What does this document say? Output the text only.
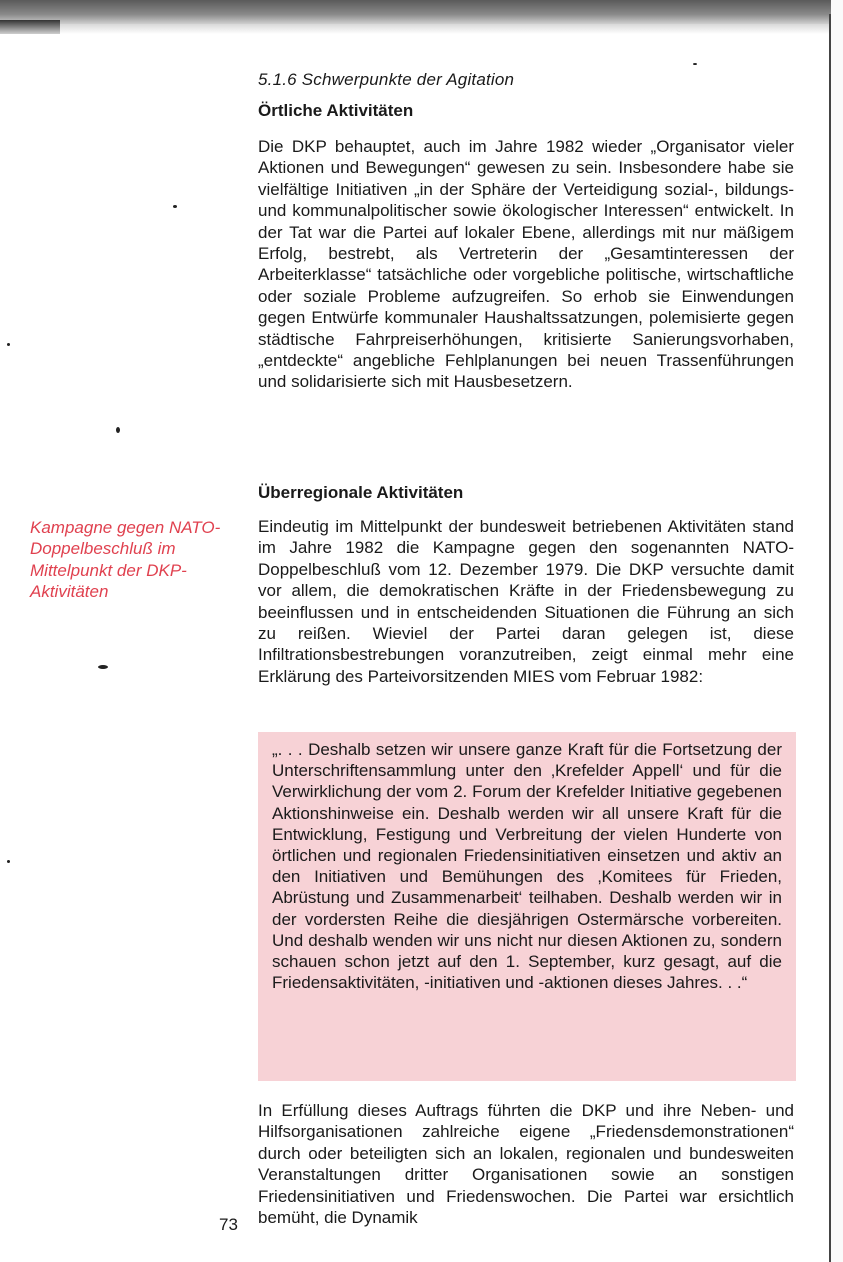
5.1.6 Schwerpunkte der Agitation
Örtliche Aktivitäten
Die DKP behauptet, auch im Jahre 1982 wieder „Organisator vieler Aktionen und Bewegungen“ gewesen zu sein. Insbesondere habe sie vielfältige Initiativen „in der Sphäre der Verteidigung sozial-, bildungs- und kommunalpolitischer sowie ökologischer Interessen“ entwickelt. In der Tat war die Partei auf lokaler Ebene, allerdings mit nur mäßigem Erfolg, bestrebt, als Vertreterin der „Gesamtinteressen der Arbeiterklasse“ tatsächliche oder vorgebliche politische, wirtschaftliche oder soziale Probleme aufzugreifen. So erhob sie Einwendungen gegen Entwürfe kommunaler Haushaltssatzungen, polemisierte gegen städtische Fahrpreiserhöhungen, kritisierte Sanierungsvorhaben, „entdeckte“ angebliche Fehlplanungen bei neuen Trassenführungen und solidarisierte sich mit Hausbesetzern.
Überregionale Aktivitäten
Eindeutig im Mittelpunkt der bundesweit betriebenen Aktivitäten stand im Jahre 1982 die Kampagne gegen den sogenannten NATO-Doppelbeschluß vom 12. Dezember 1979. Die DKP versuchte damit vor allem, die demokratischen Kräfte in der Friedensbewegung zu beeinflussen und in entscheidenden Situationen die Führung an sich zu reißen. Wieviel der Partei daran gelegen ist, diese Infiltrationsbestrebungen voranzutreiben, zeigt einmal mehr eine Erklärung des Parteivorsitzenden MIES vom Februar 1982:
Kampagne gegen NATO-Doppelbeschluß im Mittelpunkt der DKP-Aktivitäten
„. . . Deshalb setzen wir unsere ganze Kraft für die Fortsetzung der Unterschriftensammlung unter den ‚Krefelder Appell‘ und für die Verwirklichung der vom 2. Forum der Krefelder Initiative gegebenen Aktionshinweise ein. Deshalb werden wir all unsere Kraft für die Entwicklung, Festigung und Verbreitung der vielen Hunderte von örtlichen und regionalen Friedensinitiativen einsetzen und aktiv an den Initiativen und Bemühungen des ‚Komitees für Frieden, Abrüstung und Zusammenarbeit‘ teilhaben. Deshalb werden wir in der vordersten Reihe die diesjährigen Ostermärsche vorbereiten. Und deshalb wenden wir uns nicht nur diesen Aktionen zu, sondern schauen schon jetzt auf den 1. September, kurz gesagt, auf die Friedensaktivitäten, -initiativen und -aktionen dieses Jahres. . .“
In Erfüllung dieses Auftrags führten die DKP und ihre Neben- und Hilfsorganisationen zahlreiche eigene „Friedensdemonstrationen“ durch oder beteiligten sich an lokalen, regionalen und bundesweiten Veranstaltungen dritter Organisationen sowie an sonstigen Friedensinitiativen und Friedenswochen. Die Partei war ersichtlich bemüht, die Dynamik
73
